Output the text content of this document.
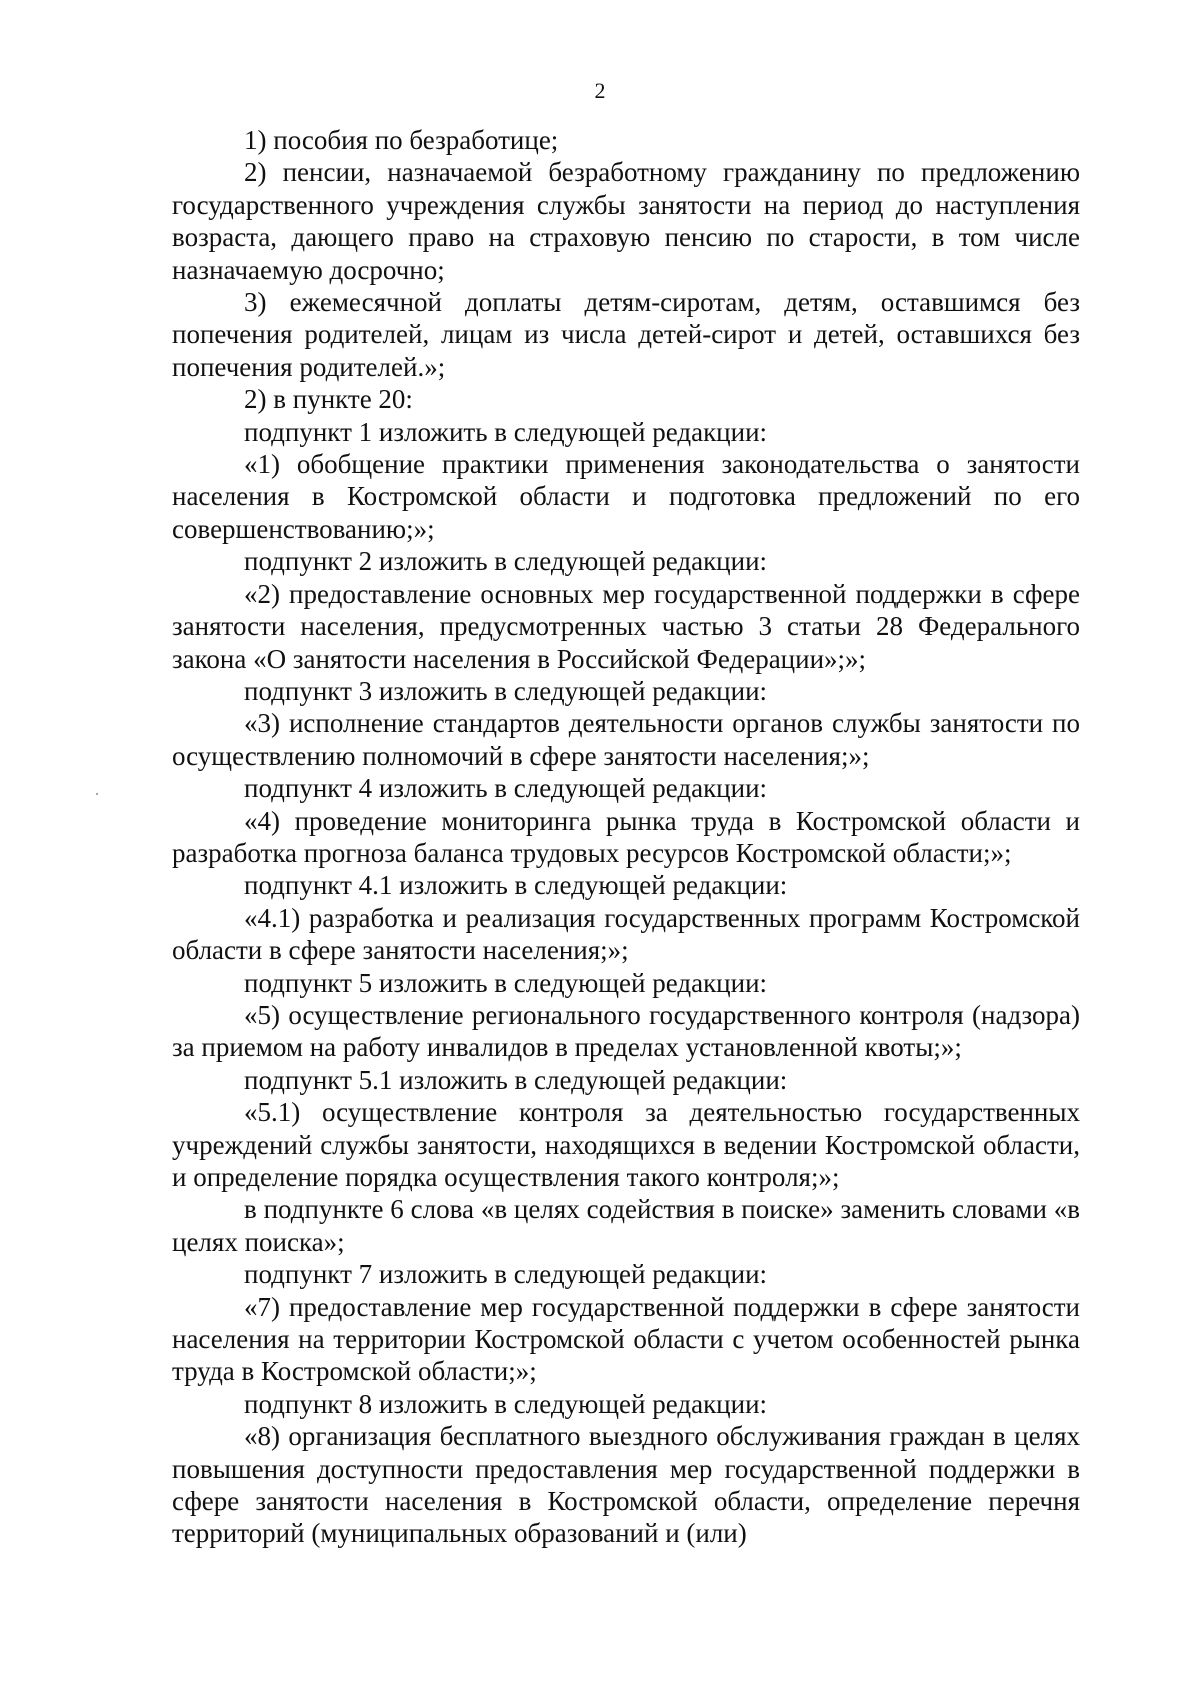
2

1) пособия по безработице;

2) пенсии, назначаемой безработному гражданину по предложению государственного учреждения службы занятости на период до наступления возраста, дающего право на страховую пенсию по старости, в том числе назначаемую досрочно;

3) ежемесячной доплаты детям-сиротам, детям, оставшимся без попечения родителей, лицам из числа детей-сирот и детей, оставшихся без попечения родителей.»;

2) в пункте 20:

подпункт 1 изложить в следующей редакции:

«1) обобщение практики применения законодательства о занятости населения в Костромской области и подготовка предложений по его совершенствованию;»;

подпункт 2 изложить в следующей редакции:

«2) предоставление основных мер государственной поддержки в сфере занятости населения, предусмотренных частью 3 статьи 28 Федерального закона «О занятости населения в Российской Федерации»;»;

подпункт 3 изложить в следующей редакции:

«3) исполнение стандартов деятельности органов службы занятости по осуществлению полномочий в сфере занятости населения;»;

подпункт 4 изложить в следующей редакции:

«4) проведение мониторинга рынка труда в Костромской области и разработка прогноза баланса трудовых ресурсов Костромской области;»;

подпункт 4.1 изложить в следующей редакции:

«4.1) разработка и реализация государственных программ Костромской области в сфере занятости населения;»;

подпункт 5 изложить в следующей редакции:

«5) осуществление регионального государственного контроля (надзора) за приемом на работу инвалидов в пределах установленной квоты;»;

подпункт 5.1 изложить в следующей редакции:

«5.1) осуществление контроля за деятельностью государственных учреждений службы занятости, находящихся в ведении Костромской области, и определение порядка осуществления такого контроля;»;

в подпункте 6 слова «в целях содействия в поиске» заменить словами «в целях поиска»;

подпункт 7 изложить в следующей редакции:

«7) предоставление мер государственной поддержки в сфере занятости населения на территории Костромской области с учетом особенностей рынка труда в Костромской области;»;

подпункт 8 изложить в следующей редакции:

«8) организация бесплатного выездного обслуживания граждан в целях повышения доступности предоставления мер государственной поддержки в сфере занятости населения в Костромской области, определение перечня территорий (муниципальных образований и (или)
